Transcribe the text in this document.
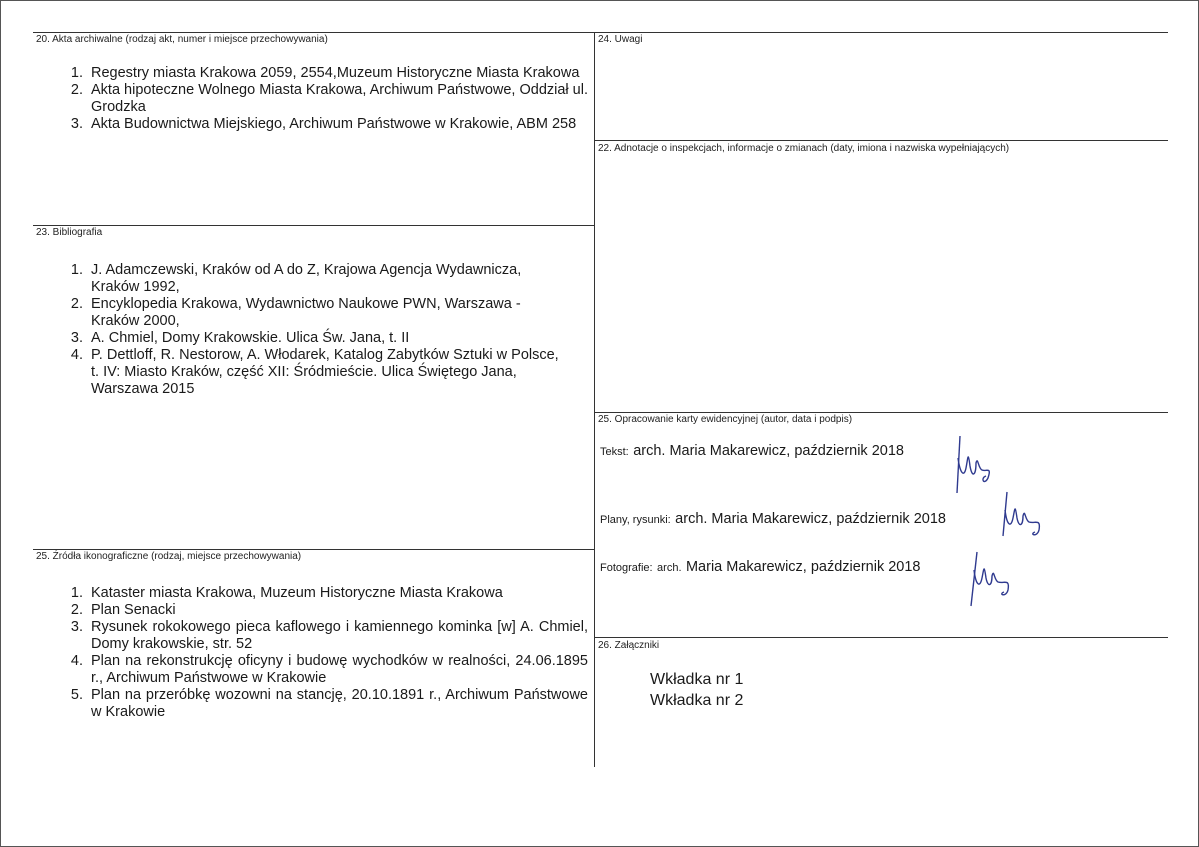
20. Akta archiwalne (rodzaj akt, numer i miejsce przechowywania)
1. Regestry miasta Krakowa 2059, 2554,Muzeum Historyczne Miasta Krakowa
2. Akta hipoteczne Wolnego Miasta Krakowa, Archiwum Państwowe, Oddział ul. Grodzka
3. Akta Budownictwa Miejskiego, Archiwum Państwowe w Krakowie, ABM 258
23. Bibliografia
1. J. Adamczewski, Kraków od A do Z, Krajowa Agencja Wydawnicza, Kraków 1992,
2. Encyklopedia Krakowa, Wydawnictwo Naukowe PWN, Warszawa - Kraków 2000,
3. A. Chmiel, Domy Krakowskie. Ulica Św. Jana, t. II
4. P. Dettloff, R. Nestorow, A. Włodarek, Katalog Zabytków Sztuki w Polsce, t. IV: Miasto Kraków, część XII: Śródmieście. Ulica Świętego Jana, Warszawa 2015
25. Źródła ikonograficzne (rodzaj, miejsce przechowywania)
1. Kataster miasta Krakowa, Muzeum Historyczne Miasta Krakowa
2. Plan Senacki
3. Rysunek rokokowego pieca kaflowego i kamiennego kominka [w] A. Chmiel, Domy krakowskie, str. 52
4. Plan na rekonstrukcję oficyny i budowę wychodków w realności, 24.06.1895 r., Archiwum Państwowe w Krakowie
5. Plan na przeróbkę wozowni na stancję, 20.10.1891 r., Archiwum Państwowe w Krakowie
24. Uwagi
22. Adnotacje o inspekcjach, informacje o zmianach (daty, imiona i nazwiska wypełniających)
25. Opracowanie karty ewidencyjnej (autor, data i podpis)
Tekst: arch. Maria Makarewicz, październik 2018
Plany, rysunki: arch. Maria Makarewicz, październik 2018
Fotografie: arch. Maria Makarewicz, październik 2018
26. Załączniki
Wkładka nr 1
Wkładka nr 2
